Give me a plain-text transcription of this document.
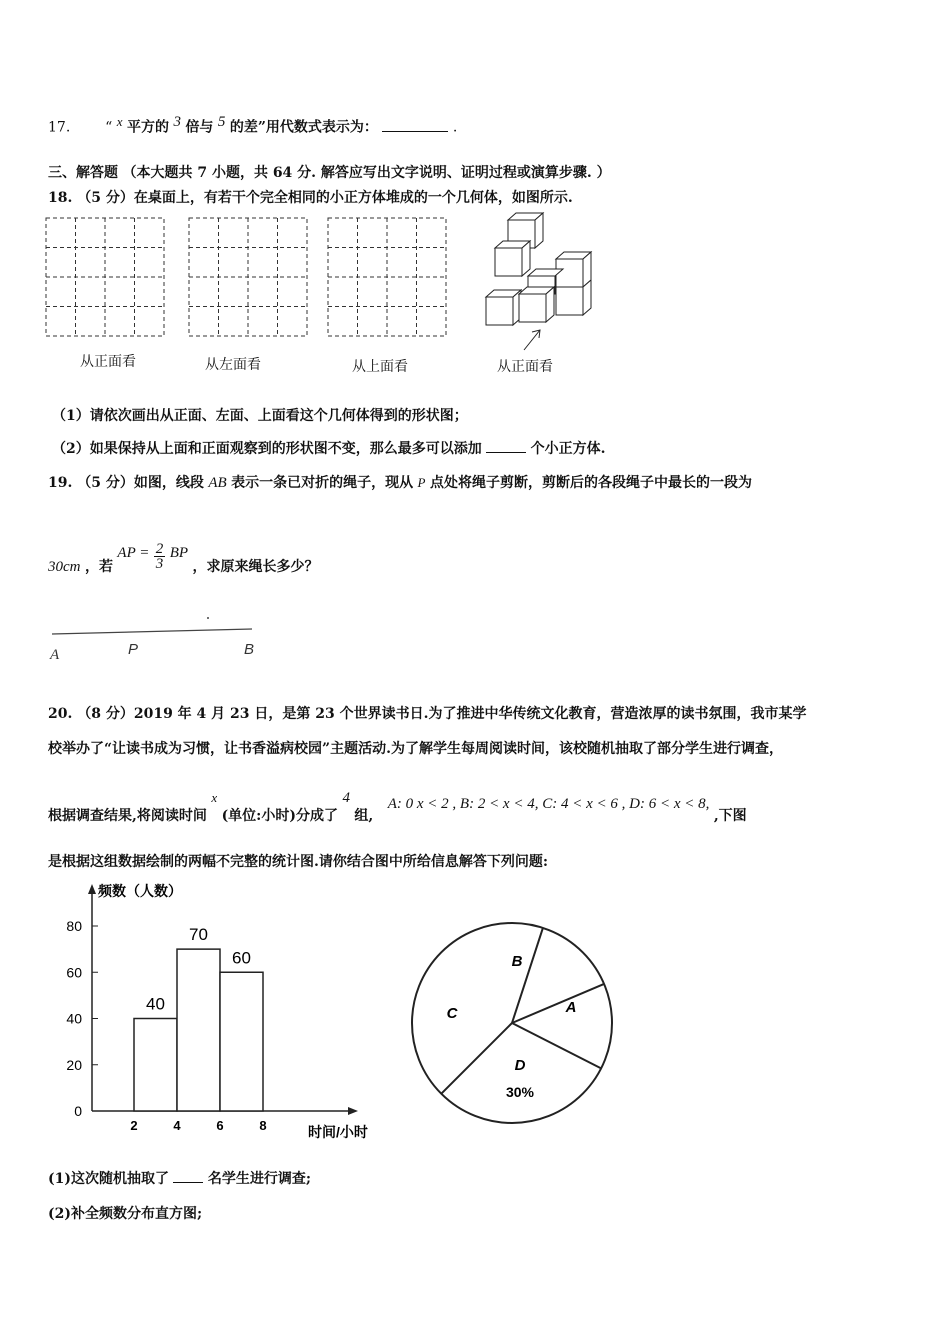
17. “ $^x$ 平方的 $^3$ 倍与 $^5$ 的差”用代数式表示为：	.
三、解答题 （本大题共 7 小题，共 64 分. 解答应写出文字说明、证明过程或演算步骤. ）
18. （5 分）在桌面上，有若干个完全相同的小正方体堆成的一个几何体，如图所示.
从正面看	从左面看	从上面看	从正面看
（1）请依次画出从正面、左面、上面看这个几何体得到的形状图；
（2）如果保持从上面和正面观察到的形状图不变，那么最多可以添加	个小正方体.
19. （5 分）如图，线段 AB 表示一条已对折的绳子，现从 P 点处将绳子剪断，剪断后的各段绳子中最长的一段为
30cm ，若 AP = $\frac{2}{3}$ BP ，求原来绳长多少？
A	P	B
20. （8 分）2019 年 4 月 23 日，是第 23 个世界读书日.为了推进中华传统文化教育，营造浓厚的读书氛围，我市某学
校举办了“让读书成为习惯，让书香溢病校园”主题活动.为了解学生每周阅读时间，该校随机抽取了部分学生进行调查，
根据调查结果,将阅读时间 $^x$ (单位:小时)分成了 $^4$ 组, A: 0 x < 2 , B: 2 < x < 4, C: 4 < x < 6 , D: 6 < x < 8, ,下图
是根据这组数据绘制的两幅不完整的统计图.请你结合图中所给信息解答下列问题:
频数（人数）
时间/小时
0
20
40
60
80
2	4	6	8
40
70
60
A
B
C
D
30%
(1)这次随机抽取了	名学生进行调查;
(2)补全频数分布直方图;
